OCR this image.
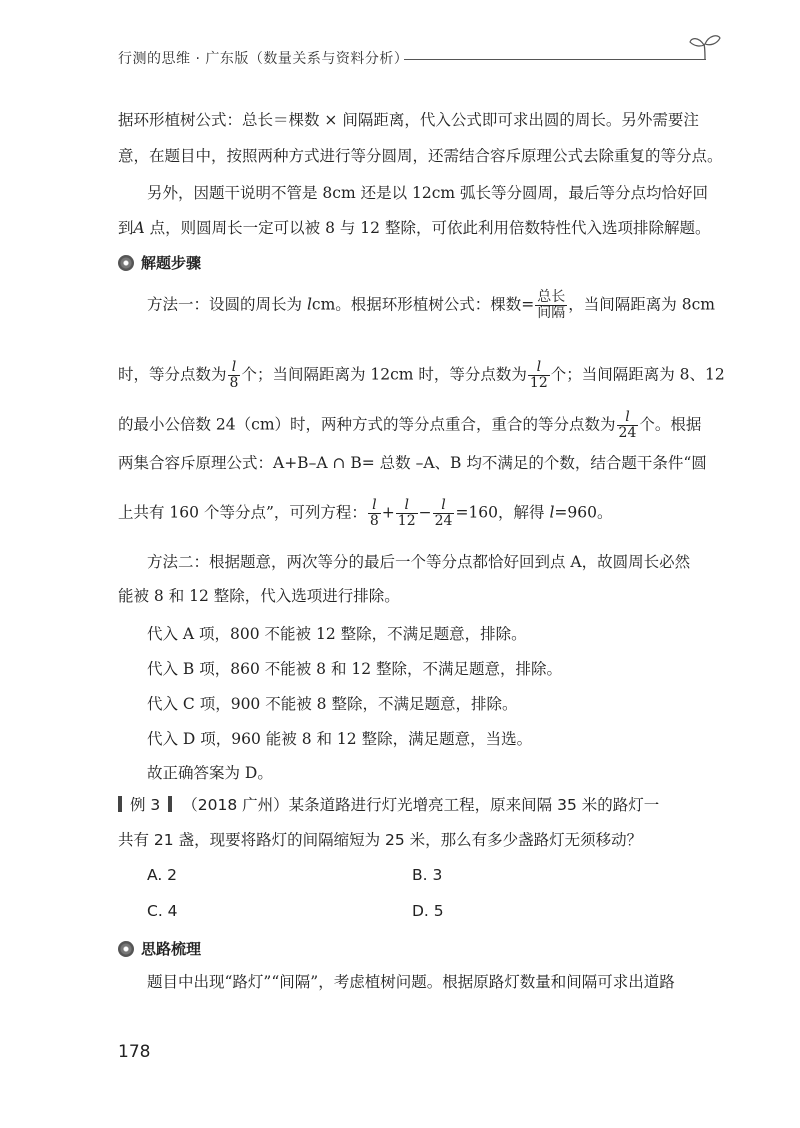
行测的思维 · 广东版（数量关系与资料分析）
据环形植树公式：总长＝棵数 × 间隔距离，代入公式即可求出圆的周长。另外需要注
意，在题目中，按照两种方式进行等分圆周，还需结合容斥原理公式去除重复的等分点。
另外，因题干说明不管是 8cm 还是以 12cm 弧长等分圆周，最后等分点均恰好回
到A 点，则圆周长一定可以被 8 与 12 整除，可依此利用倍数特性代入选项排除解题。
解题步骤
方法一：设圆的周长为 lcm。根据环形植树公式：棵数= $\frac{\text{总长}}{\text{间隔}}$ ，当间隔距离为 8cm
时，等分点数为 $\frac{l}{8}$ 个；当间隔距离为 12cm 时，等分点数为 $\frac{l}{12}$ 个；当间隔距离为 8、12
的最小公倍数 24（cm）时，两种方式的等分点重合，重合的等分点数为 $\frac{l}{24}$ 个。根据
两集合容斥原理公式：A+B–A ∩ B= 总数 –A、B 均不满足的个数，结合题干条件“圆
上共有 160 个等分点”，可列方程： $\frac{l}{8} + \frac{l}{12} - \frac{l}{24} =160$，解得 l=960。
方法二：根据题意，两次等分的最后一个等分点都恰好回到点 A，故圆周长必然
能被 8 和 12 整除，代入选项进行排除。
代入 A 项，800 不能被 12 整除，不满足题意，排除。
代入 B 项，860 不能被 8 和 12 整除，不满足题意，排除。
代入 C 项，900 不能被 8 整除，不满足题意，排除。
代入 D 项，960 能被 8 和 12 整除，满足题意，当选。
故正确答案为 D。
例 3 （2018 广州）某条道路进行灯光增亮工程，原来间隔 35 米的路灯一
共有 21 盏，现要将路灯的间隔缩短为 25 米，那么有多少盏路灯无须移动？
A. 2	B. 3
C. 4	D. 5
思路梳理
题目中出现“路灯”“间隔”，考虑植树问题。根据原路灯数量和间隔可求出道路
178
